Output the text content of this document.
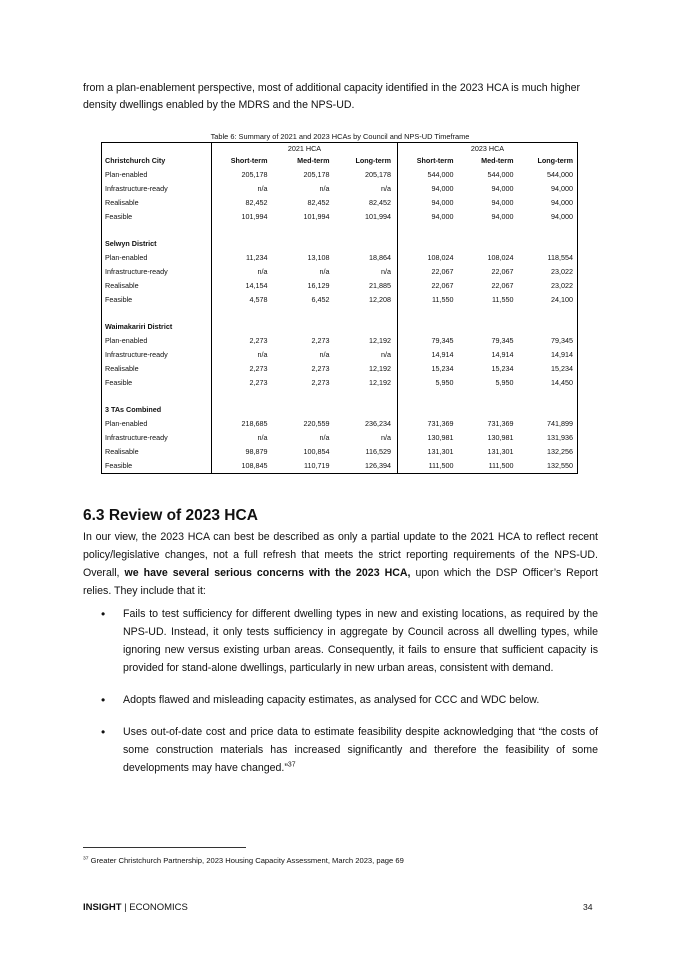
from a plan-enablement perspective, most of additional capacity identified in the 2023 HCA is much higher density dwellings enabled by the MDRS and the NPS-UD.

Table 6: Summary of 2021 and 2023 HCAs by Council and NPS-UD Timeframe
	2021 HCA			2023 HCA		
Christchurch City	Short-term	Med-term	Long-term	Short-term	Med-term	Long-term
Plan-enabled	205,178	205,178	205,178	544,000	544,000	544,000
Infrastructure-ready	n/a	n/a	n/a	94,000	94,000	94,000
Realisable	82,452	82,452	82,452	94,000	94,000	94,000
Feasible	101,994	101,994	101,994	94,000	94,000	94,000

Selwyn District						
Plan-enabled	11,234	13,108	18,864	108,024	108,024	118,554
Infrastructure-ready	n/a	n/a	n/a	22,067	22,067	23,022
Realisable	14,154	16,129	21,885	22,067	22,067	23,022
Feasible	4,578	6,452	12,208	11,550	11,550	24,100

Waimakariri District						
Plan-enabled	2,273	2,273	12,192	79,345	79,345	79,345
Infrastructure-ready	n/a	n/a	n/a	14,914	14,914	14,914
Realisable	2,273	2,273	12,192	15,234	15,234	15,234
Feasible	2,273	2,273	12,192	5,950	5,950	14,450

3 TAs Combined						
Plan-enabled	218,685	220,559	236,234	731,369	731,369	741,899
Infrastructure-ready	n/a	n/a	n/a	130,981	130,981	131,936
Realisable	98,879	100,854	116,529	131,301	131,301	132,256
Feasible	108,845	110,719	126,394	111,500	111,500	132,550
6.3 Review of 2023 HCA

In our view, the 2023 HCA can best be described as only a partial update to the 2021 HCA to reflect recent policy/legislative changes, not a full refresh that meets the strict reporting requirements of the NPS-UD. Overall, we have several serious concerns with the 2023 HCA, upon which the DSP Officer’s Report relies. They include that it:

• Fails to test sufficiency for different dwelling types in new and existing locations, as required by the NPS-UD. Instead, it only tests sufficiency in aggregate by Council across all dwelling types, while ignoring new versus existing urban areas. Consequently, it fails to ensure that sufficient capacity is provided for stand-alone dwellings, particularly in new urban areas, consistent with demand.
• Adopts flawed and misleading capacity estimates, as analysed for CCC and WDC below.
• Uses out-of-date cost and price data to estimate feasibility despite acknowledging that “the costs of some construction materials has increased significantly and therefore the feasibility of some developments may have changed.”$^{37}$
$^{37}$ Greater Christchurch Partnership, 2023 Housing Capacity Assessment, March 2023, page 69
INSIGHT | ECONOMICS	34
